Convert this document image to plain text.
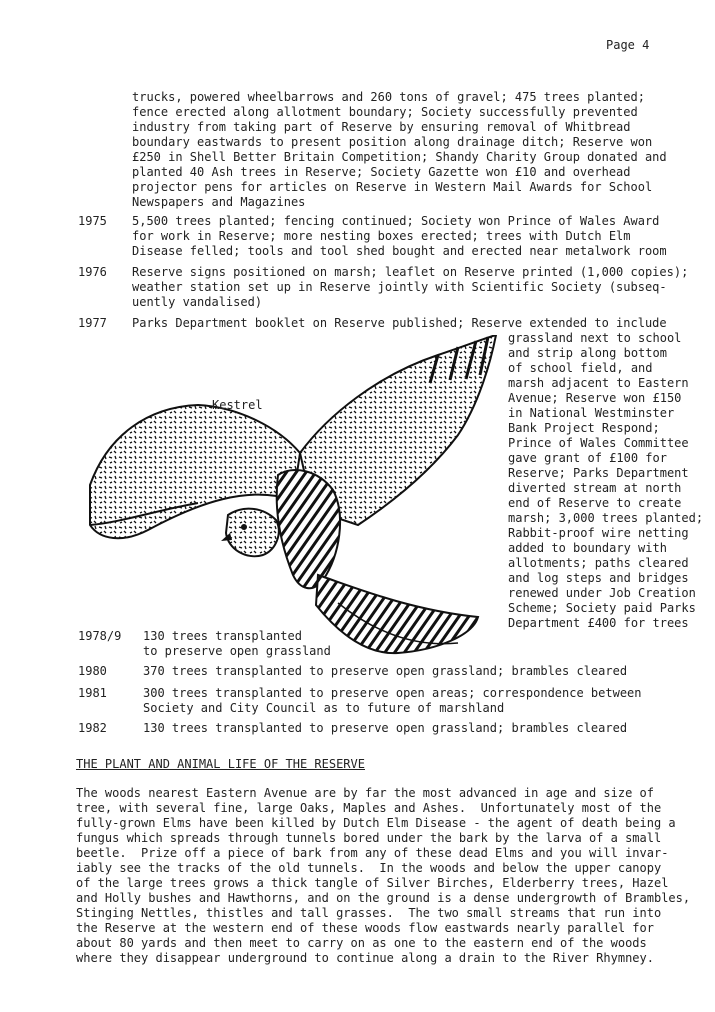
Page 4
trucks, powered wheelbarrows and 260 tons of gravel; 475 trees planted;
fence erected along allotment boundary; Society successfully prevented
industry from taking part of Reserve by ensuring removal of Whitbread
boundary eastwards to present position along drainage ditch; Reserve won
£250 in Shell Better Britain Competition; Shandy Charity Group donated and
planted 40 Ash trees in Reserve; Society Gazette won £10 and overhead
projector pens for articles on Reserve in Western Mail Awards for School
Newspapers and Magazines
1975 5,500 trees planted; fencing continued; Society won Prince of Wales Award
for work in Reserve; more nesting boxes erected; trees with Dutch Elm
Disease felled; tools and tool shed bought and erected near metalwork room
1976 Reserve signs positioned on marsh; leaflet on Reserve printed (1,000 copies);
weather station set up in Reserve jointly with Scientific Society (subseq-
uently vandalised)
1977 Parks Department booklet on Reserve published; Reserve extended to include
grassland next to school
and strip along bottom
of school field, and
marsh adjacent to Eastern
Avenue; Reserve won £150
in National Westminster
Bank Project Respond;
Prince of Wales Committee
gave grant of £100 for
Reserve; Parks Department
diverted stream at north
end of Reserve to create
marsh; 3,000 trees planted;
Rabbit-proof wire netting
added to boundary with
allotments; paths cleared
and log steps and bridges
renewed under Job Creation
Scheme; Society paid Parks
Department £400 for trees
Kestrel
1978/9 130 trees transplanted
to preserve open grassland
1980	370 trees transplanted to preserve open grassland; brambles cleared
1981	300 trees transplanted to preserve open areas; correspondence between
Society and City Council as to future of marshland
1982	130 trees transplanted to preserve open grassland; brambles cleared
THE PLANT AND ANIMAL LIFE OF THE RESERVE
The woods nearest Eastern Avenue are by far the most advanced in age and size of
tree, with several fine, large Oaks, Maples and Ashes.  Unfortunately most of the
fully-grown Elms have been killed by Dutch Elm Disease - the agent of death being a
fungus which spreads through tunnels bored under the bark by the larva of a small
beetle.  Prize off a piece of bark from any of these dead Elms and you will invar-
iably see the tracks of the old tunnels.  In the woods and below the upper canopy
of the large trees grows a thick tangle of Silver Birches, Elderberry trees, Hazel
and Holly bushes and Hawthorns, and on the ground is a dense undergrowth of Brambles,
Stinging Nettles, thistles and tall grasses.  The two small streams that run into
the Reserve at the western end of these woods flow eastwards nearly parallel for
about 80 yards and then meet to carry on as one to the eastern end of the woods
where they disappear underground to continue along a drain to the River Rhymney.
